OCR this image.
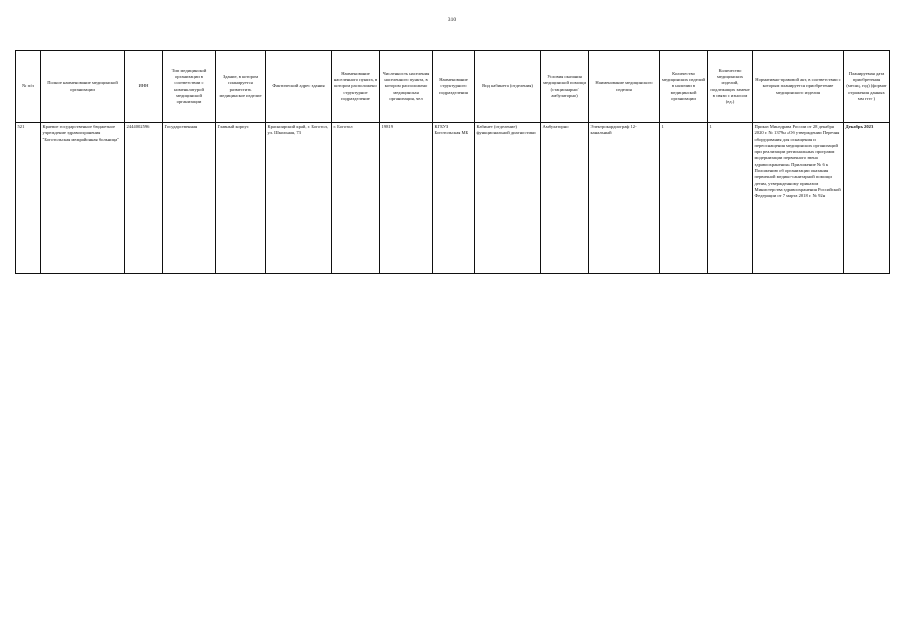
310
№ п/п	Полное наименование медицинской организации	ИНН	Тип медицинской организации в соответствии с номенклатурой медицинской организации	Здание, в котором планируется разместить медицинское изделие	Фактический адрес здания	Наименование населенного пункта, в котором расположено структурное подразделение	Численность населения населенного пункта, в котором расположено медицинская организация, чел	Наименование структурного подразделения	Вид кабинета (отделения)	Условия оказания медицинской помощи (стационарно/ амбулаторно)	Наименование медицинского изделия	Количество медицинских изделий в наличии в медицинской организации	Количество медицинских изделий, подлежащих замене в связи с износом (ед.)	Нормативно-правовой акт, в соответствии с которым планируется приобретение медицинского изделия	Планируемая дата приобретения (месяц, год) (формат отражения данных мм гггг )
521	Краевое государственное бюджетное учреждение здравоохранения "Боготольская межрайонная больница"	2444002596	Государственная	Главный корпус	Красноярский край, г. Боготол, ул. Школьная, 73	г. Боготол	19819	КГБУЗ Боготольская МБ	Кабинет (отделение) функциональной диагностики	Амбулаторно	Электрокардиограф 12-канальный	1	1	Приказ Минздрава России от 28 декабря 2020 г. № 1379н «Об утверждении Перечня оборудования для оснащения и переоснащения медицинских организаций при реализации региональных программ модернизации первичного звена здравоохранения» Приложение № 6 к Положению об организации оказания первичной медико-санитарной помощи детям, утвержденному приказом Министерства здравоохранения Российской Федерации от 7 марта 2018 г. № 92н	Декабрь 2023
